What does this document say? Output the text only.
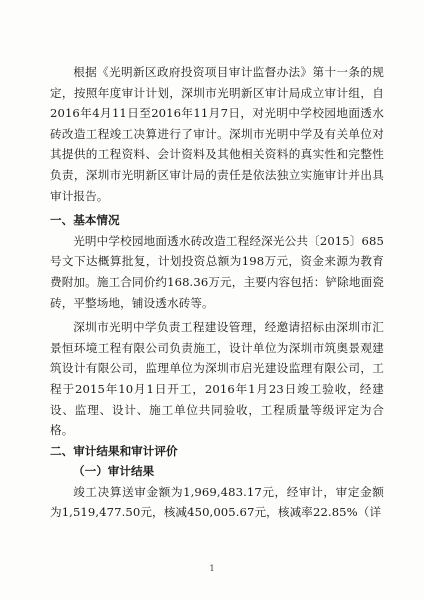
根据《光明新区政府投资项目审计监督办法》第十一条的规定，按照年度审计计划，深圳市光明新区审计局成立审计组，自2016年4月11日至2016年11月7日，对光明中学校园地面透水砖改造工程竣工决算进行了审计。深圳市光明中学及有关单位对其提供的工程资料、会计资料及其他相关资料的真实性和完整性负责，深圳市光明新区审计局的责任是依法独立实施审计并出具审计报告。

一、基本情况

光明中学校园地面透水砖改造工程经深光公共〔2015〕685号文下达概算批复，计划投资总额为198万元，资金来源为教育费附加。施工合同价约168.36万元，主要内容包括：铲除地面瓷砖，平整场地，铺设透水砖等。

深圳市光明中学负责工程建设管理，经邀请招标由深圳市汇景恒环境工程有限公司负责施工，设计单位为深圳市筑奥景观建筑设计有限公司，监理单位为深圳市启光建设监理有限公司，工程于2015年10月1日开工，2016年1月23日竣工验收，经建设、监理、设计、施工单位共同验收，工程质量等级评定为合格。

二、审计结果和审计评价

（一）审计结果

竣工决算送审金额为1,969,483.17元，经审计，审定金额为1,519,477.50元，核减450,005.67元，核减率22.85%（详

1
